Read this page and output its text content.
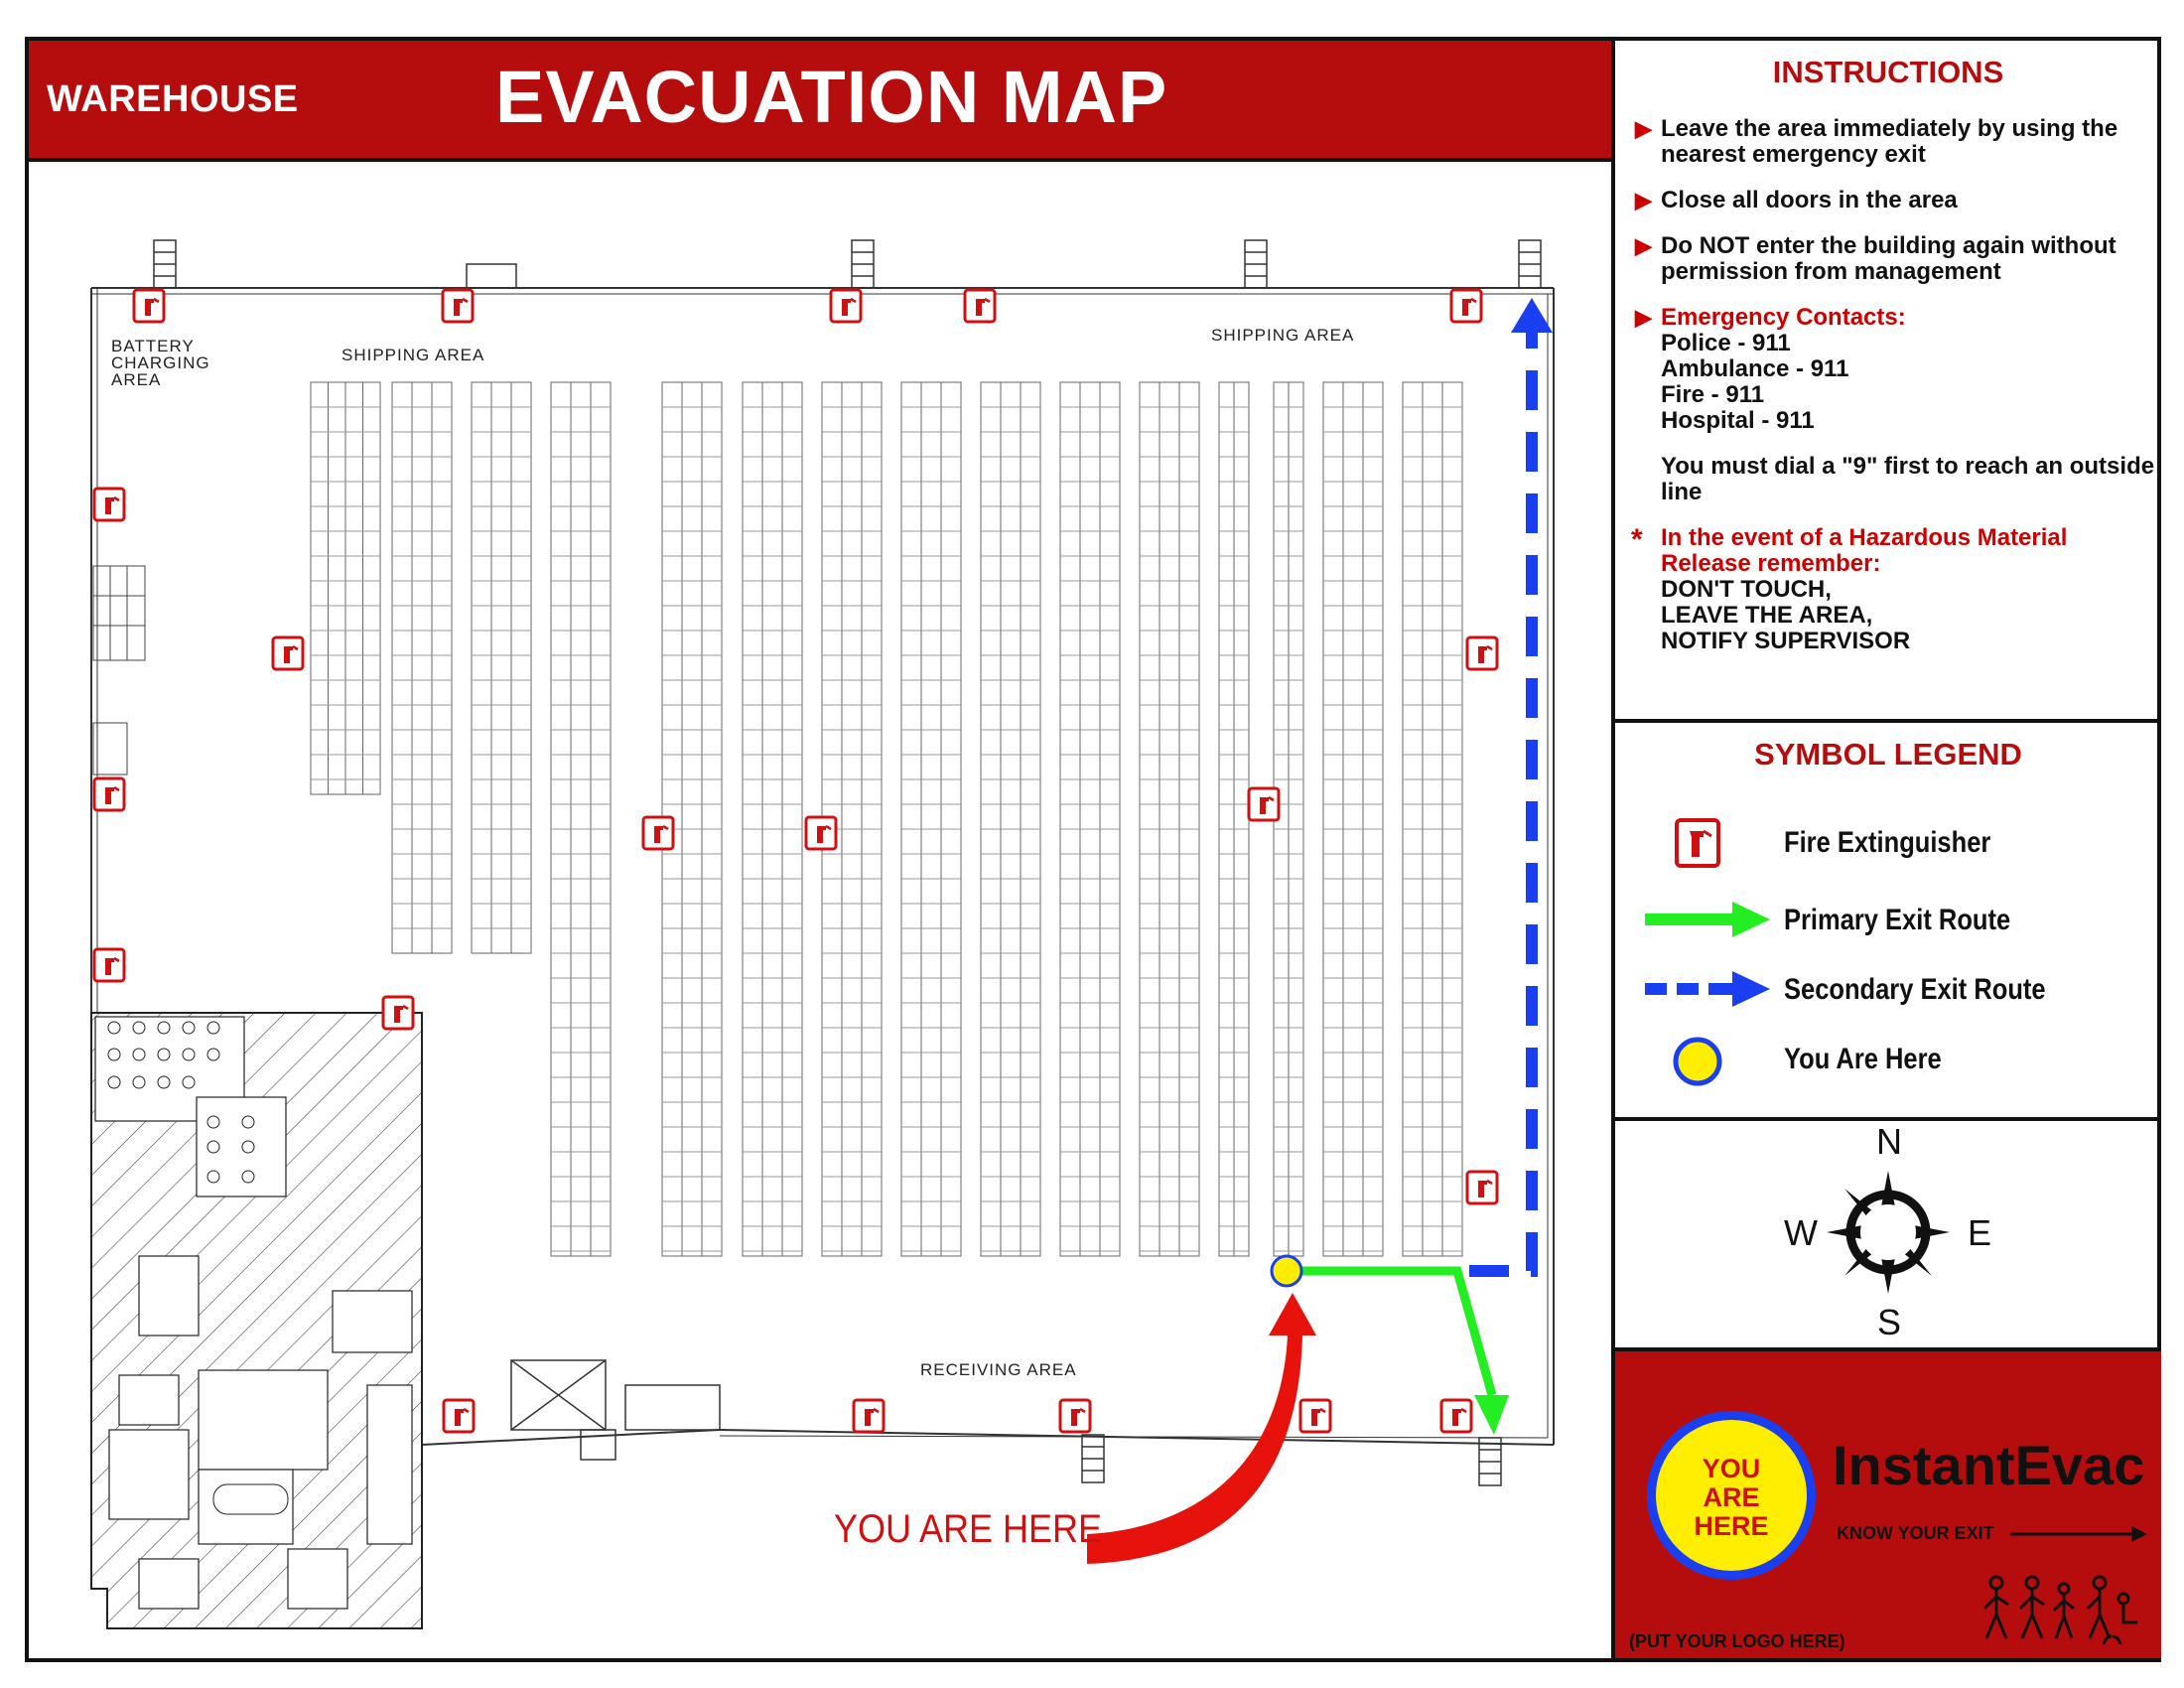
WAREHOUSE	EVACUATION MAP
BATTERY CHARGING AREA
SHIPPING AREA
SHIPPING AREA
RECEIVING AREA
YOU ARE HERE
INSTRUCTIONS
▶ Leave the area immediately by using the nearest emergency exit
▶ Close all doors in the area
▶ Do NOT enter the building again without permission from management
▶ Emergency Contacts:
Police - 911
Ambulance - 911
Fire - 911
Hospital - 911
You must dial a "9" first to reach an outside line
* In the event of a Hazardous Material Release remember:
DON'T TOUCH,
LEAVE THE AREA,
NOTIFY SUPERVISOR
SYMBOL LEGEND
Fire Extinguisher
Primary Exit Route
Secondary Exit Route
You Are Here
N
S
W	E
YOU ARE HERE
InstantEvac
KNOW YOUR EXIT
(PUT YOUR LOGO HERE)
